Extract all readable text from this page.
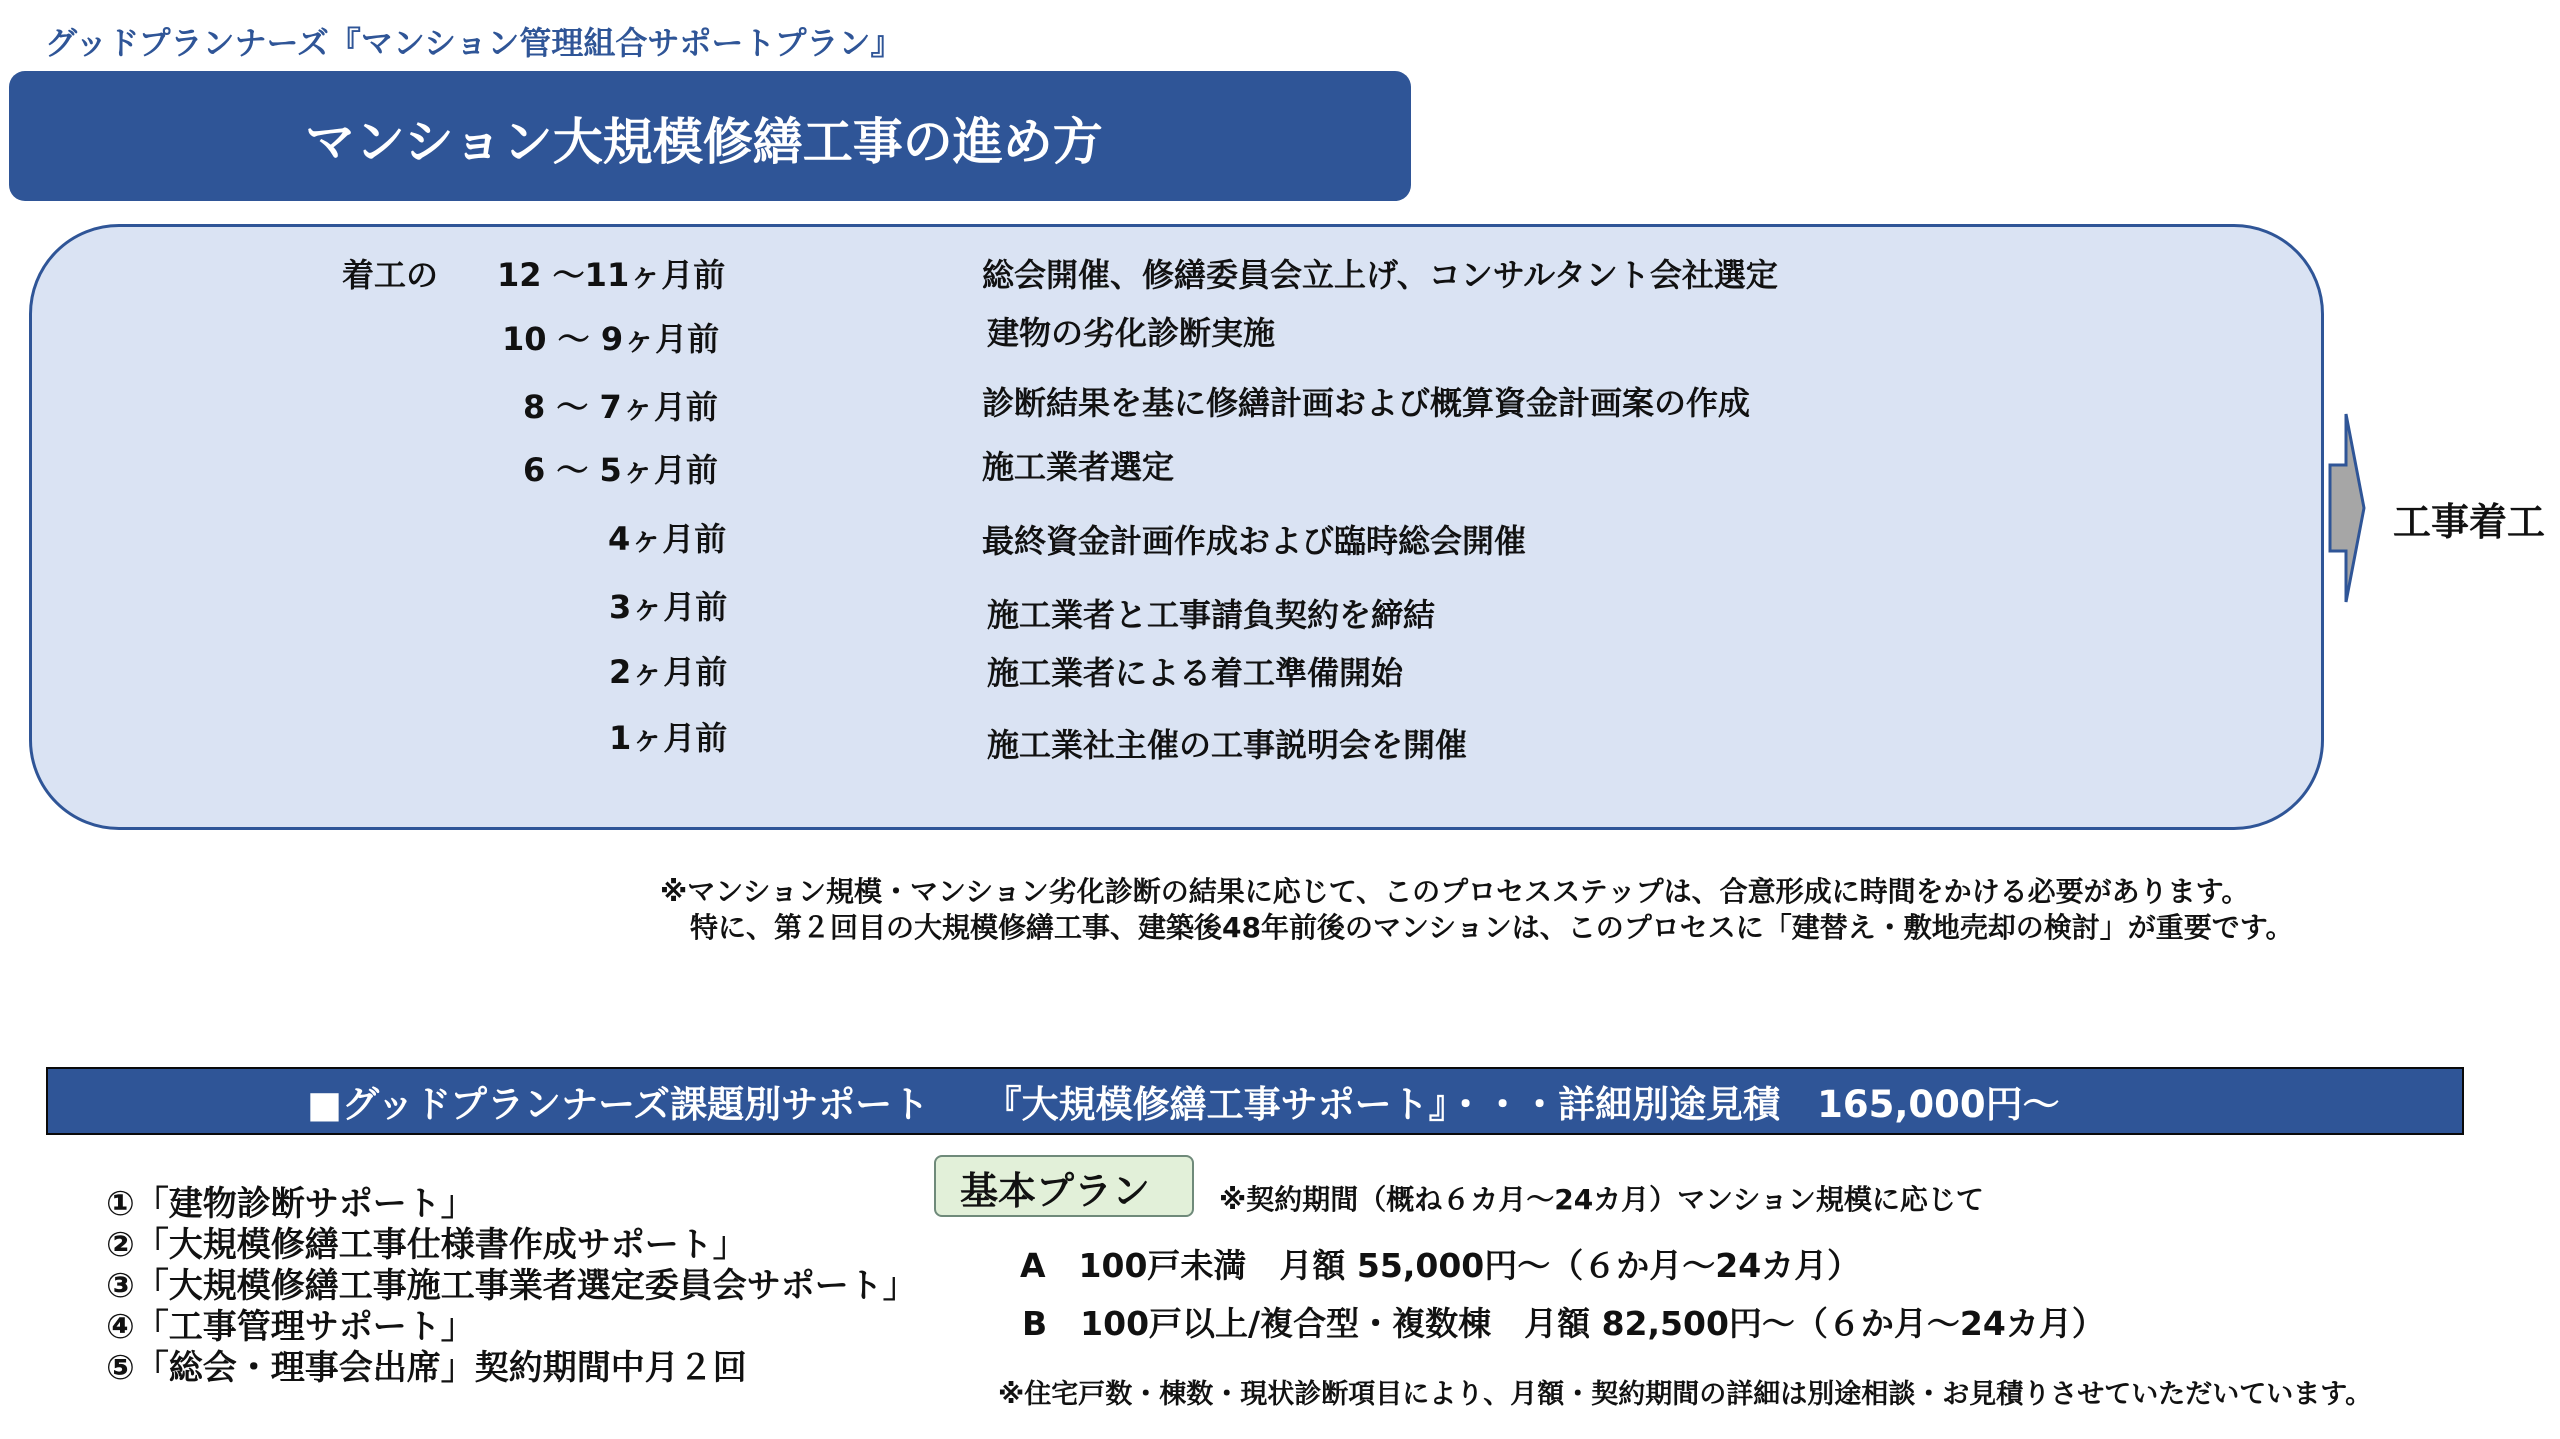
グッドプランナーズ『マンション管理組合サポートプラン』
マンション大規模修繕工事の進め方
着工の 12 〜11ヶ月前	総会開催、修繕委員会立上げ、コンサルタント会社選定
10 〜 9ヶ月前	建物の劣化診断実施
8 〜 7ヶ月前	診断結果を基に修繕計画および概算資金計画案の作成
6 〜 5ヶ月前	施工業者選定
4ヶ月前	最終資金計画作成および臨時総会開催
3ヶ月前	施工業者と工事請負契約を締結
2ヶ月前	施工業者による着工準備開始
1ヶ月前	施工業社主催の工事説明会を開催
工事着工
※マンション規模・マンション劣化診断の結果に応じて、このプロセスステップは、合意形成に時間をかける必要があります。
特に、第２回目の大規模修繕工事、建築後48年前後のマンションは、このプロセスに「建替え・敷地売却の検討」が重要です。
■グッドプランナーズ課題別サポート　　『大規模修繕工事サポート』・・・詳細別途見積　165,000円〜
①「建物診断サポート」
②「大規模修繕工事仕様書作成サポート」
③「大規模修繕工事施工事業者選定委員会サポート」
④「工事管理サポート」
⑤「総会・理事会出席」契約期間中月２回
基本プラン ※契約期間（概ね６カ月〜24カ月）マンション規模に応じて
A　100戸未満　月額 55,000円〜（６か月〜24カ月）
B　100戸以上/複合型・複数棟　月額 82,500円〜（６か月〜24カ月）
※住宅戸数・棟数・現状診断項目により、月額・契約期間の詳細は別途相談・お見積りさせていただいています。
